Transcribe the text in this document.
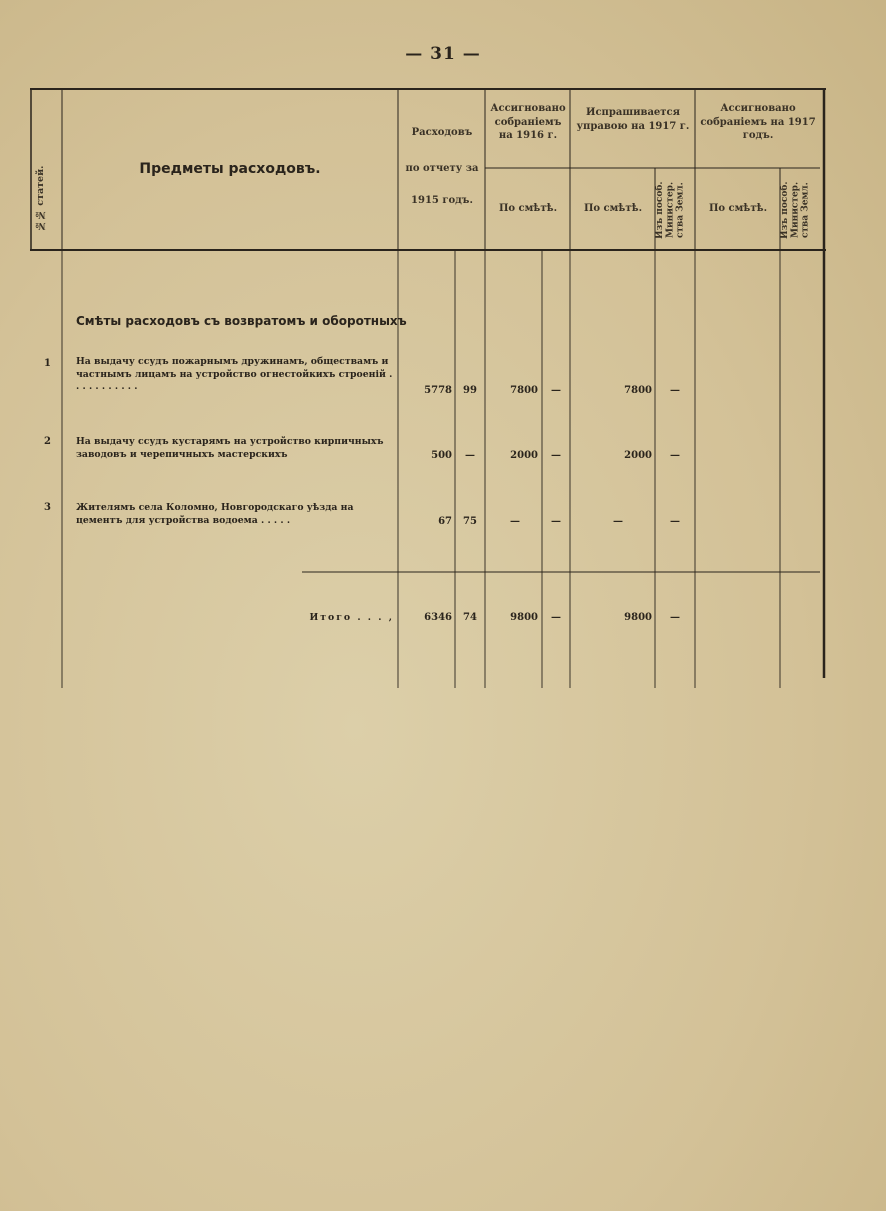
— 31 —
№№ статей.	Предметы расходовъ.
Расходовъ
по отчету за
1915 годъ.
Ассигновано собранiемъ на 1916 г.
Испрашивается управою на 1917 г.
Ассигновано собранiемъ на 1917 годъ.
По смѣтѣ.	По смѣтѣ.	Изъ пособ. Министер. ства Земл.	По смѣтѣ.	Изъ пособ. Министер. ства Земл.
Смѣты расходовъ съ возвратомъ и оборотныхъ
1	На выдачу ссудъ пожарнымъ дружинамъ, обществамъ и частнымъ лицамъ на устройство огнестойкихъ строенiй . . . . . . . . . . .	5778	99	7800	—	7800	—
2	На выдачу ссудъ кустарямъ на устройство кирпичныхъ заводовъ и черепичныхъ мастерскихъ	500	—	2000	—	2000	—
3	Жителямъ села Коломно, Новгородскаго уѣзда на цементъ для устройства водоема . . . . .	67	75	—	—	—	—
Итого . . . ,	6346	74	9800	—	9800	—
